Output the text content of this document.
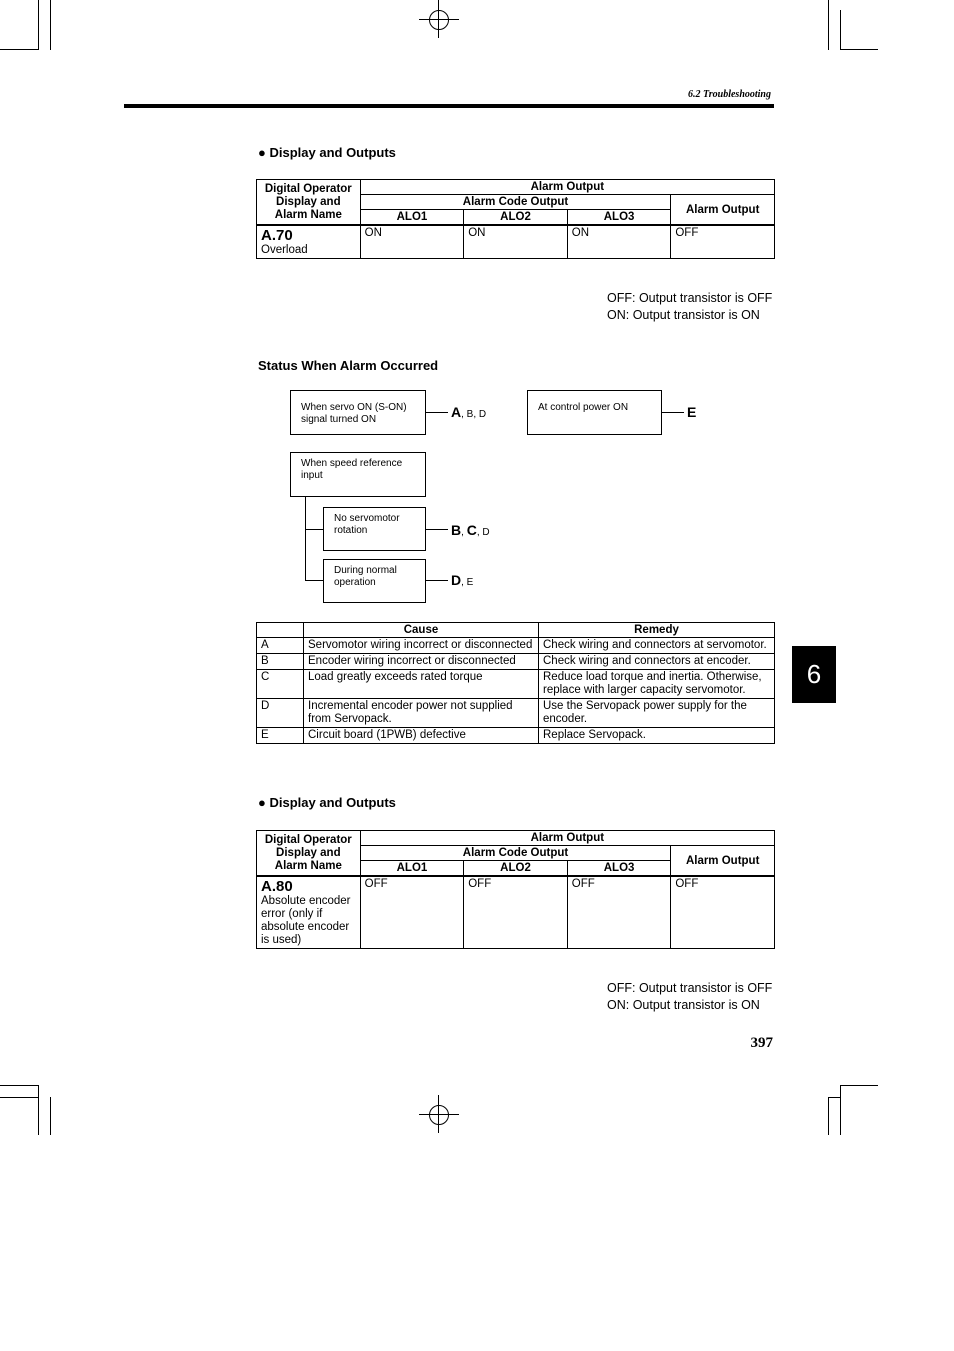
6.2 Troubleshooting
● Display and Outputs
Digital Operator Display and Alarm Name	Alarm Output			
	Alarm Code Output			Alarm Output
	ALO1	ALO2	ALO3	

A.70
Overload	ON	ON	ON	OFF
OFF: Output transistor is OFF
ON: Output transistor is ON
Status When Alarm Occurred
When servo ON (S-ON) signal turned ON	A, B, D
At control power ON	E
When speed reference input
No servomotor rotation	B, C, D
During normal operation	D, E
	Cause	Remedy
A	Servomotor wiring incorrect or disconnected	Check wiring and connectors at servomotor.
B	Encoder wiring incorrect or disconnected	Check wiring and connectors at encoder.
C	Load greatly exceeds rated torque	Reduce load torque and inertia. Otherwise, replace with larger capacity servomotor.
D	Incremental encoder power not supplied from Servopack.	Use the Servopack power supply for the encoder.
E	Circuit board (1PWB) defective	Replace Servopack.
6
● Display and Outputs
Digital Operator Display and Alarm Name	Alarm Output			
	Alarm Code Output			Alarm Output
	ALO1	ALO2	ALO3	

A.80
Absolute encoder error (only if absolute encoder is used)	OFF	OFF	OFF	OFF
OFF: Output transistor is OFF
ON: Output transistor is ON
397
